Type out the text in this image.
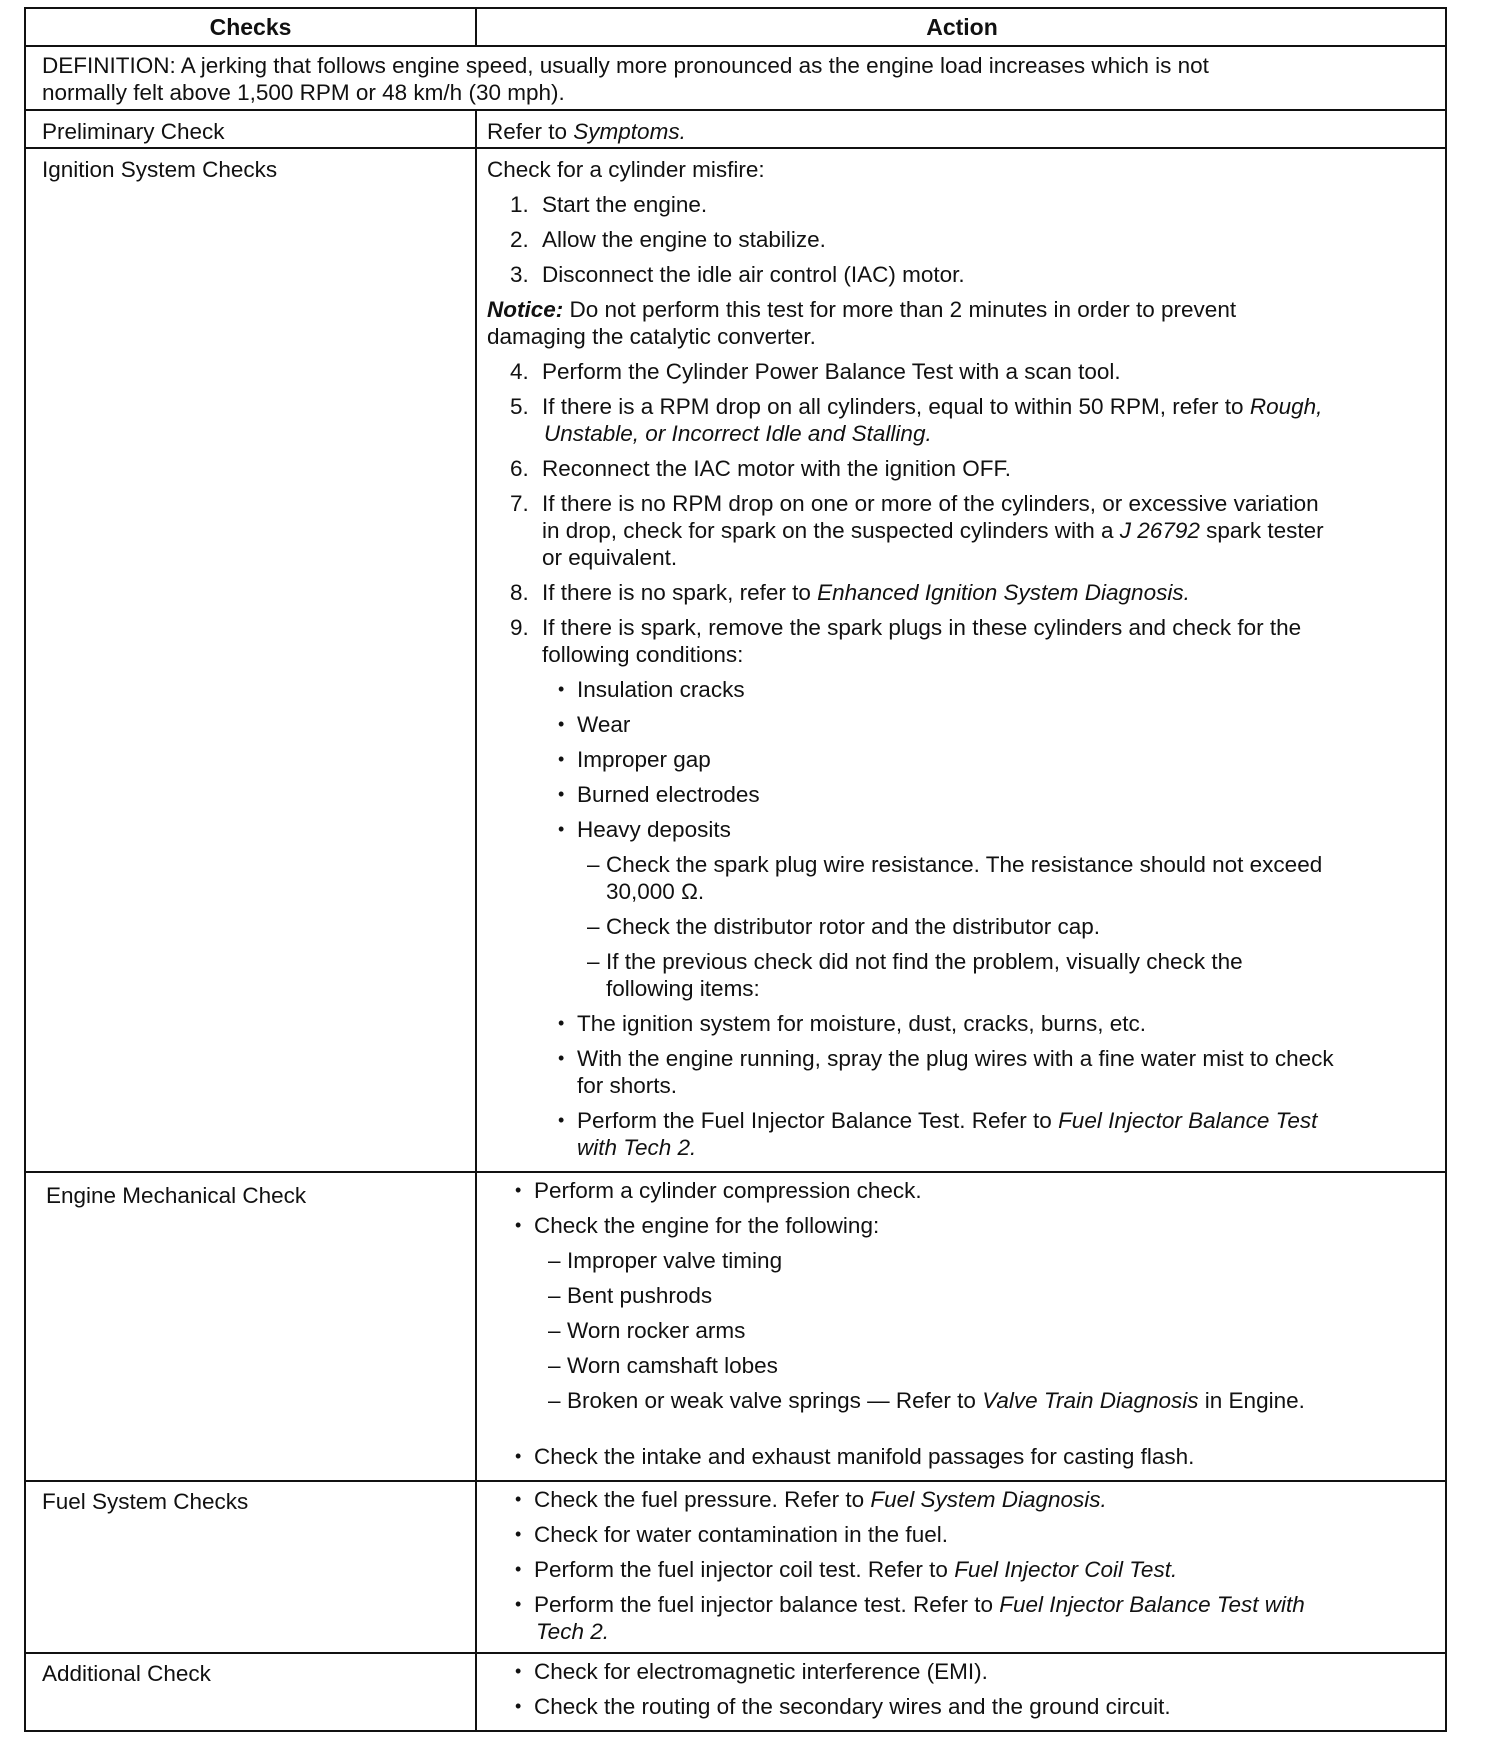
Checks	Action
DEFINITION: A jerking that follows engine speed, usually more pronounced as the engine load increases which is not
normally felt above 1,500 RPM or 48 km/h (30 mph).
Preliminary Check	Refer to Symptoms.
Ignition System Checks	Check for a cylinder misfire:
1. Start the engine.
2. Allow the engine to stabilize.
3. Disconnect the idle air control (IAC) motor.
Notice: Do not perform this test for more than 2 minutes in order to prevent
damaging the catalytic converter.
4. Perform the Cylinder Power Balance Test with a scan tool.
5. If there is a RPM drop on all cylinders, equal to within 50 RPM, refer to Rough,
Unstable, or Incorrect Idle and Stalling.
6. Reconnect the IAC motor with the ignition OFF.
7. If there is no RPM drop on one or more of the cylinders, or excessive variation
in drop, check for spark on the suspected cylinders with a J 26792 spark tester
or equivalent.
8. If there is no spark, refer to Enhanced Ignition System Diagnosis.
9. If there is spark, remove the spark plugs in these cylinders and check for the
following conditions:
• Insulation cracks
• Wear
• Improper gap
• Burned electrodes
• Heavy deposits
– Check the spark plug wire resistance. The resistance should not exceed
30,000 Ω.
– Check the distributor rotor and the distributor cap.
– If the previous check did not find the problem, visually check the
following items:
• The ignition system for moisture, dust, cracks, burns, etc.
• With the engine running, spray the plug wires with a fine water mist to check
for shorts.
• Perform the Fuel Injector Balance Test. Refer to Fuel Injector Balance Test
with Tech 2.
Engine Mechanical Check	• Perform a cylinder compression check.
• Check the engine for the following:
– Improper valve timing
– Bent pushrods
– Worn rocker arms
– Worn camshaft lobes
– Broken or weak valve springs — Refer to Valve Train Diagnosis in Engine.
• Check the intake and exhaust manifold passages for casting flash.
Fuel System Checks	• Check the fuel pressure. Refer to Fuel System Diagnosis.
• Check for water contamination in the fuel.
• Perform the fuel injector coil test. Refer to Fuel Injector Coil Test.
• Perform the fuel injector balance test. Refer to Fuel Injector Balance Test with
Tech 2.
Additional Check	• Check for electromagnetic interference (EMI).
• Check the routing of the secondary wires and the ground circuit.
